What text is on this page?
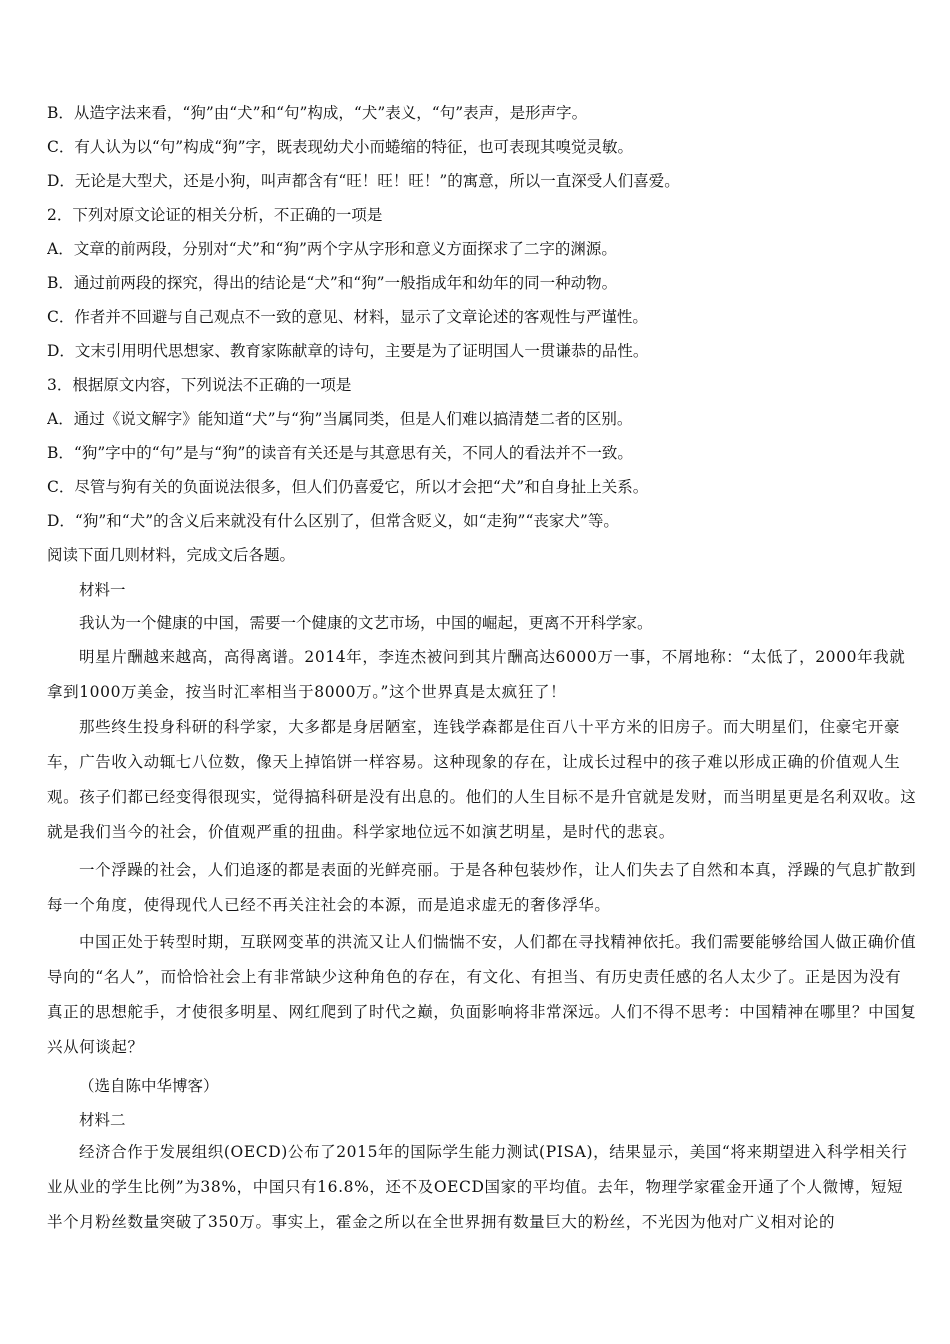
B．从造字法来看，“狗”由“犬”和“句”构成，“犬”表义，“句”表声，是形声字。
C．有人认为以“句”构成“狗”字，既表现幼犬小而蜷缩的特征，也可表现其嗅觉灵敏。
D．无论是大型犬，还是小狗，叫声都含有“旺！旺！旺！”的寓意，所以一直深受人们喜爱。
2．下列对原文论证的相关分析，不正确的一项是
A．文章的前两段，分别对“犬”和“狗”两个字从字形和意义方面探求了二字的渊源。
B．通过前两段的探究，得出的结论是“犬”和“狗”一般指成年和幼年的同一种动物。
C．作者并不回避与自己观点不一致的意见、材料，显示了文章论述的客观性与严谨性。
D．文末引用明代思想家、教育家陈献章的诗句，主要是为了证明国人一贯谦恭的品性。
3．根据原文内容，下列说法不正确的一项是
A．通过《说文解字》能知道“犬”与“狗”当属同类，但是人们难以搞清楚二者的区别。
B．“狗”字中的“句”是与“狗”的读音有关还是与其意思有关，不同人的看法并不一致。
C．尽管与狗有关的负面说法很多，但人们仍喜爱它，所以才会把“犬”和自身扯上关系。
D．“狗”和“犬”的含义后来就没有什么区别了，但常含贬义，如“走狗”“丧家犬”等。
阅读下面几则材料，完成文后各题。
材料一
我认为一个健康的中国，需要一个健康的文艺市场，中国的崛起，更离不开科学家。
明星片酬越来越高，高得离谱。2014年，李连杰被问到其片酬高达6000万一事，不屑地称：“太低了，2000年我就拿到1000万美金，按当时汇率相当于8000万。”这个世界真是太疯狂了！
那些终生投身科研的科学家，大多都是身居陋室，连钱学森都是住百八十平方米的旧房子。而大明星们，住豪宅开豪车，广告收入动辄七八位数，像天上掉馅饼一样容易。这种现象的存在，让成长过程中的孩子难以形成正确的价值观人生观。孩子们都已经变得很现实，觉得搞科研是没有出息的。他们的人生目标不是升官就是发财，而当明星更是名利双收。这就是我们当今的社会，价值观严重的扭曲。科学家地位远不如演艺明星，是时代的悲哀。
一个浮躁的社会，人们追逐的都是表面的光鲜亮丽。于是各种包装炒作，让人们失去了自然和本真，浮躁的气息扩散到每一个角度，使得现代人已经不再关注社会的本源，而是追求虚无的奢侈浮华。
中国正处于转型时期，互联网变革的洪流又让人们惴惴不安，人们都在寻找精神依托。我们需要能够给国人做正确价值导向的“名人”，而恰恰社会上有非常缺少这种角色的存在，有文化、有担当、有历史责任感的名人太少了。正是因为没有真正的思想舵手，才使很多明星、网红爬到了时代之巅，负面影响将非常深远。人们不得不思考：中国精神在哪里？中国复兴从何谈起？
（选自陈中华博客）
材料二
经济合作于发展组织(OECD)公布了2015年的国际学生能力测试(PISA)，结果显示，美国“将来期望进入科学相关行业从业的学生比例”为38%，中国只有16.8%，还不及OECD国家的平均值。去年，物理学家霍金开通了个人微博，短短半个月粉丝数量突破了350万。事实上，霍金之所以在全世界拥有数量巨大的粉丝，不光因为他对广义相对论的
